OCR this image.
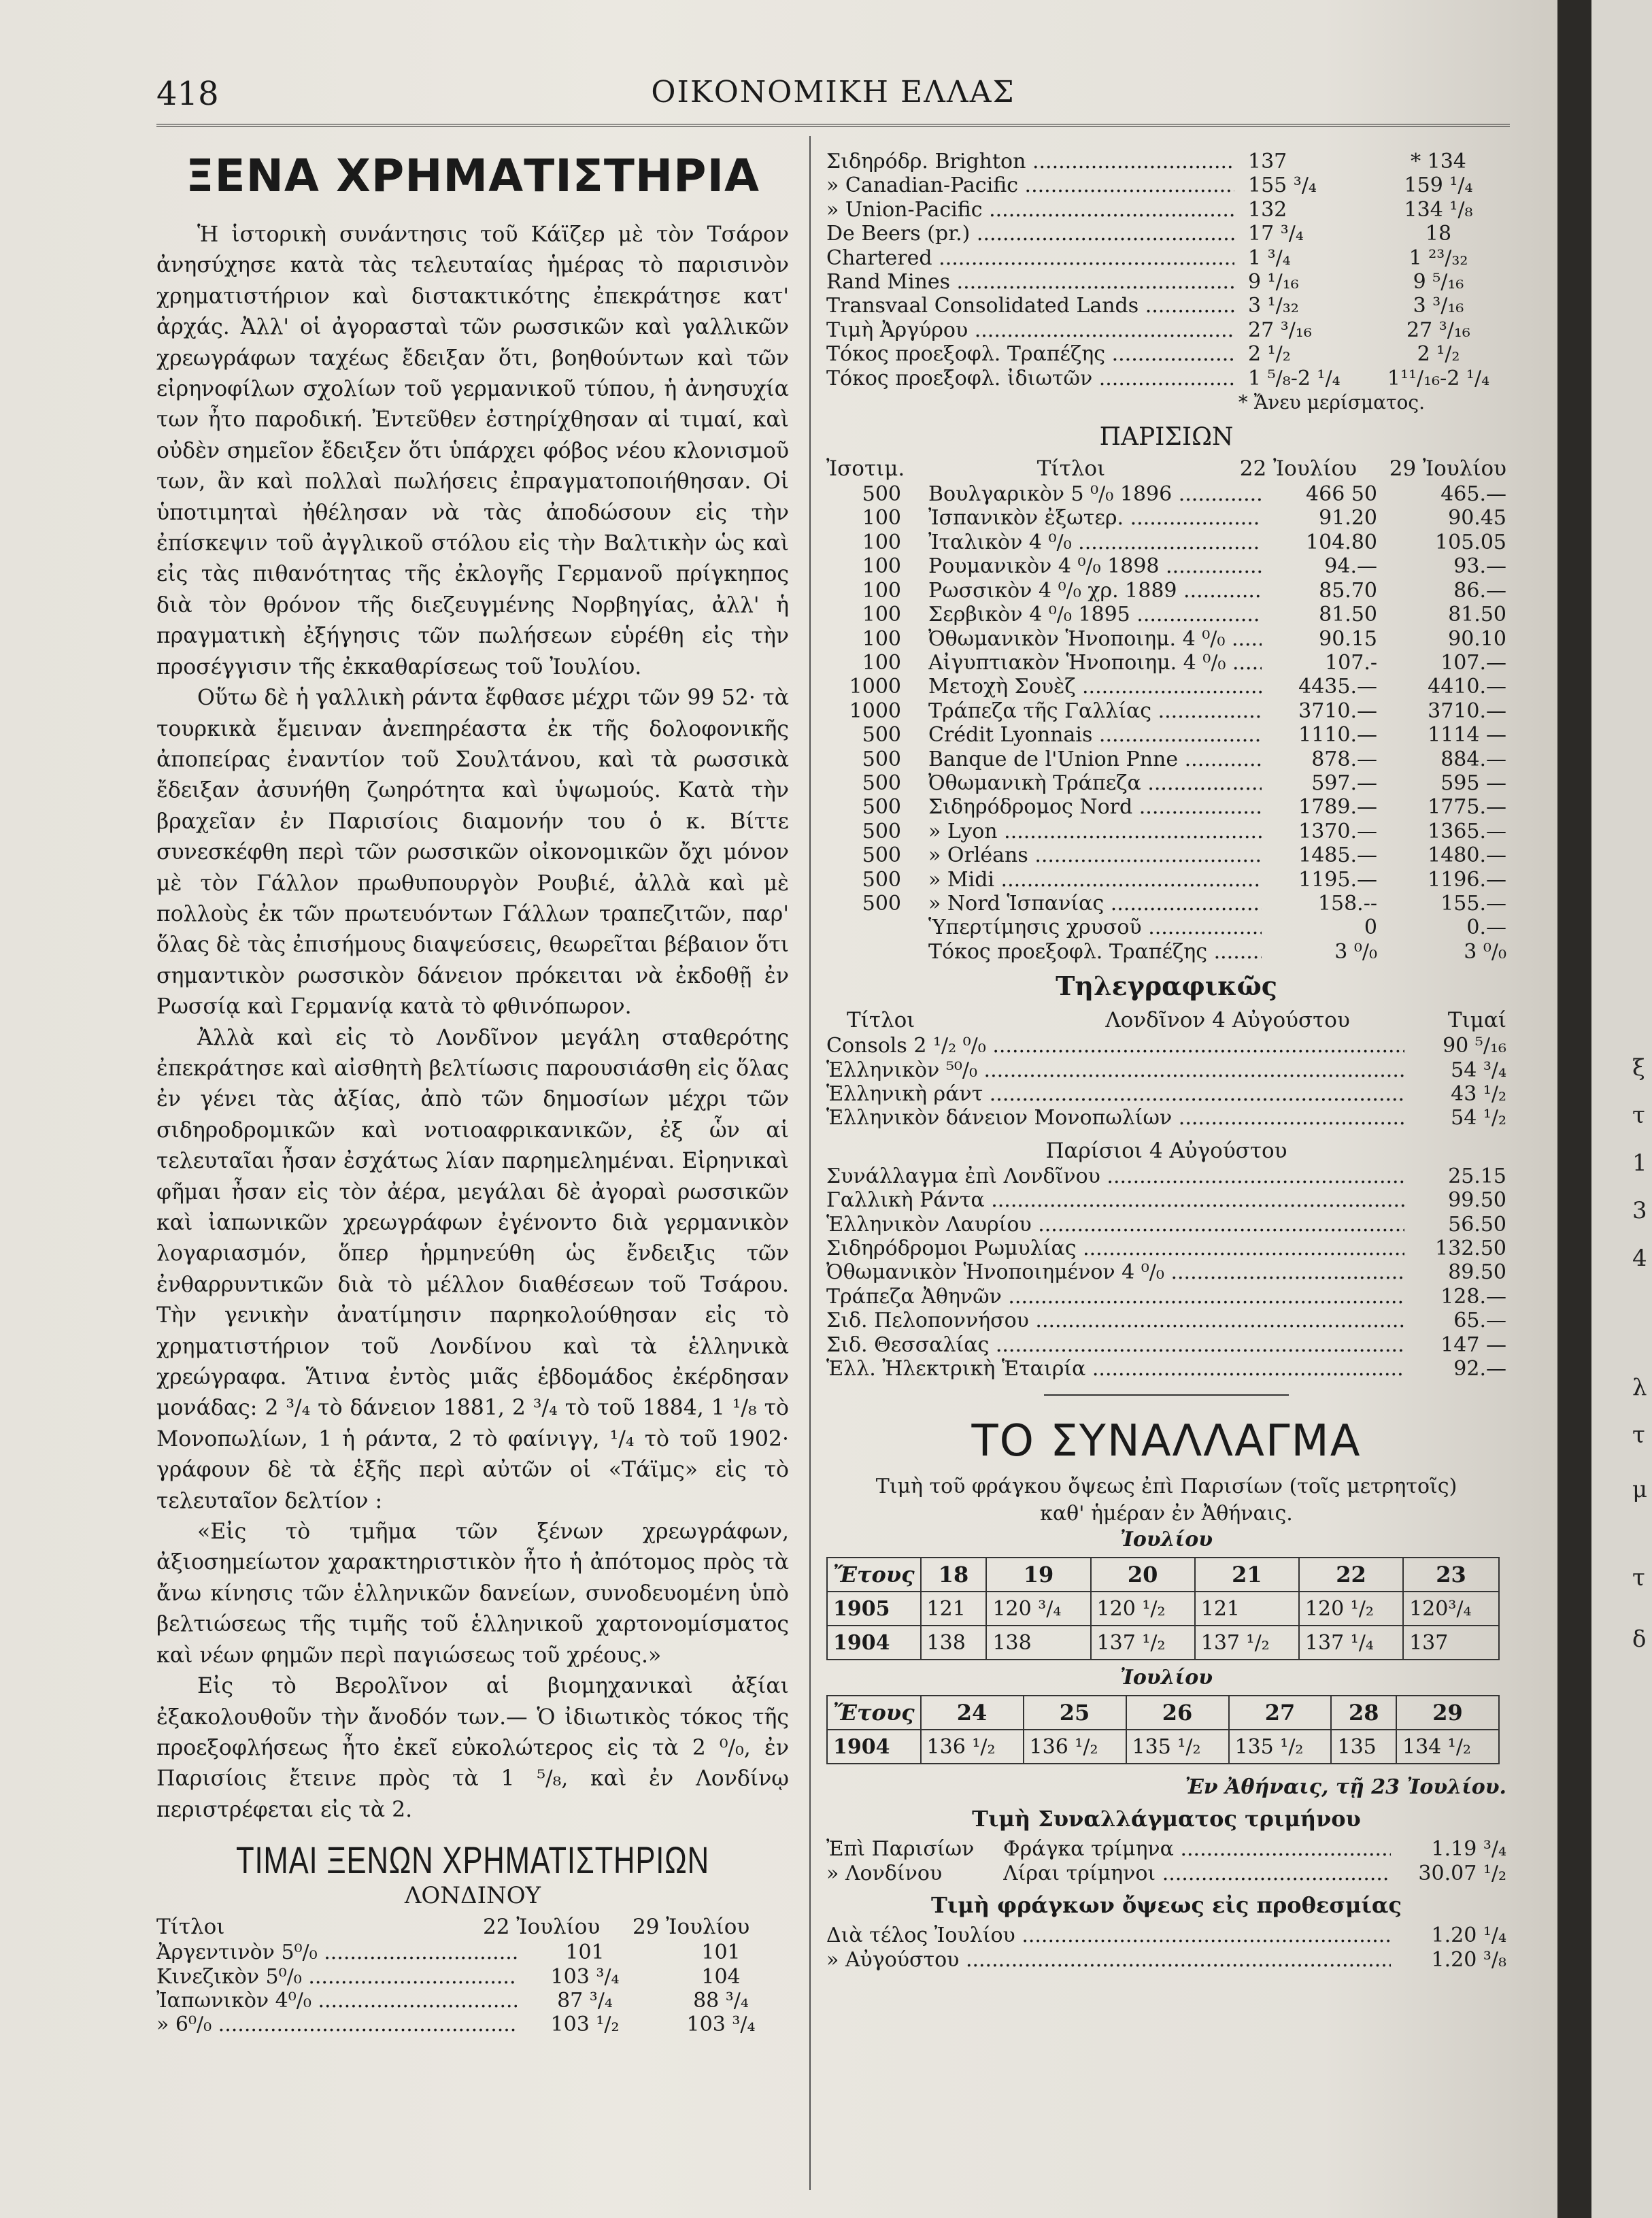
ξ
τ
1
3
4
λ
τ
μ
τ
δ
418	ΟΙΚΟΝΟΜΙΚΗ ΕΛΛΑΣ
ΞΕΝΑ ΧΡΗΜΑΤΙΣΤΗΡΙΑ

Ἡ ἱστορικὴ συνάντησις τοῦ Κάϊζερ μὲ τὸν Τσάρον ἀνησύχησε κατὰ τὰς τελευταίας ἡμέρας τὸ παρισινὸν χρηματιστήριον καὶ διστακτικότης ἐπεκράτησε κατ' ἀρχάς. Ἀλλ' οἱ ἀγορασταὶ τῶν ρωσσικῶν καὶ γαλλικῶν χρεωγράφων ταχέως ἔδειξαν ὅτι, βοηθούντων καὶ τῶν εἰρηνοφίλων σχολίων τοῦ γερμανικοῦ τύπου, ἡ ἀνησυχία των ἦτο παροδική. Ἐντεῦθεν ἐστηρίχθησαν αἱ τιμαί, καὶ οὐδὲν σημεῖον ἔδειξεν ὅτι ὑπάρχει φόβος νέου κλονισμοῦ των, ἂν καὶ πολλαὶ πωλήσεις ἐπραγματοποιήθησαν. Οἱ ὑποτιμηταὶ ἠθέλησαν νὰ τὰς ἀποδώσουν εἰς τὴν ἐπίσκεψιν τοῦ ἀγγλικοῦ στόλου εἰς τὴν Βαλτικὴν ὡς καὶ εἰς τὰς πιθανότητας τῆς ἐκλογῆς Γερμανοῦ πρίγκηπος διὰ τὸν θρόνον τῆς διεζευγμένης Νορβηγίας, ἀλλ' ἡ πραγματικὴ ἐξήγησις τῶν πωλήσεων εὑρέθη εἰς τὴν προσέγγισιν τῆς ἐκκαθαρίσεως τοῦ Ἰουλίου.

Οὕτω δὲ ἡ γαλλικὴ ράντα ἔφθασε μέχρι τῶν 99 52· τὰ τουρκικὰ ἔμειναν ἀνεπηρέαστα ἐκ τῆς δολοφονικῆς ἀποπείρας ἐναντίον τοῦ Σουλτάνου, καὶ τὰ ρωσσικὰ ἔδειξαν ἀσυνήθη ζωηρότητα καὶ ὑψωμούς. Κατὰ τὴν βραχεῖαν ἐν Παρισίοις διαμονήν του ὁ κ. Βίττε συνεσκέφθη περὶ τῶν ρωσσικῶν οἰκονομικῶν ὄχι μόνον μὲ τὸν Γάλλον πρωθυπουργὸν Ρουβιέ, ἀλλὰ καὶ μὲ πολλοὺς ἐκ τῶν πρωτευόντων Γάλλων τραπεζιτῶν, παρ' ὅλας δὲ τὰς ἐπισήμους διαψεύσεις, θεωρεῖται βέβαιον ὅτι σημαντικὸν ρωσσικὸν δάνειον πρόκειται νὰ ἐκδοθῇ ἐν Ρωσσίᾳ καὶ Γερμανίᾳ κατὰ τὸ φθινόπωρον.

Ἀλλὰ καὶ εἰς τὸ Λονδῖνον μεγάλη σταθερότης ἐπεκράτησε καὶ αἰσθητὴ βελτίωσις παρουσιάσθη εἰς ὅλας ἐν γένει τὰς ἀξίας, ἀπὸ τῶν δημοσίων μέχρι τῶν σιδηροδρομικῶν καὶ νοτιοαφρικανικῶν, ἐξ ὧν αἱ τελευταῖαι ἦσαν ἐσχάτως λίαν παρημελημέναι. Εἰρηνικαὶ φῆμαι ἦσαν εἰς τὸν ἀέρα, μεγάλαι δὲ ἀγοραὶ ρωσσικῶν καὶ ἰαπωνικῶν χρεωγράφων ἐγένοντο διὰ γερμανικὸν λογαριασμόν, ὅπερ ἡρμηνεύθη ὡς ἔνδειξις τῶν ἐνθαρρυντικῶν διὰ τὸ μέλλον διαθέσεων τοῦ Τσάρου. Τὴν γενικὴν ἀνατίμησιν παρηκολούθησαν εἰς τὸ χρηματιστήριον τοῦ Λονδίνου καὶ τὰ ἑλληνικὰ χρεώγραφα. Ἅτινα ἐντὸς μιᾶς ἑβδομάδος ἐκέρδησαν μονάδας: 2 ³/₄ τὸ δάνειον 1881, 2 ³/₄ τὸ τοῦ 1884, 1 ¹/₈ τὸ Μονοπωλίων, 1 ἡ ράντα, 2 τὸ φαίνιγγ, ¹/₄ τὸ τοῦ 1902· γράφουν δὲ τὰ ἑξῆς περὶ αὐτῶν οἱ «Τάϊμς» εἰς τὸ τελευταῖον δελτίον :

«Εἰς τὸ τμῆμα τῶν ξένων χρεωγράφων, ἀξιοσημείωτον χαρακτηριστικὸν ἦτο ἡ ἀπότομος πρὸς τὰ ἄνω κίνησις τῶν ἑλληνικῶν δανείων, συνοδευομένη ὑπὸ βελτιώσεως τῆς τιμῆς τοῦ ἑλληνικοῦ χαρτονομίσματος καὶ νέων φημῶν περὶ παγιώσεως τοῦ χρέους.»

Εἰς τὸ Βερολῖνον αἱ βιομηχανικαὶ ἀξίαι ἐξακολουθοῦν τὴν ἄνοδόν των.— Ὁ ἰδιωτικὸς τόκος τῆς προεξοφλήσεως ἦτο ἐκεῖ εὐκολώτερος εἰς τὰ 2 ⁰/₀, ἐν Παρισίοις ἔτεινε πρὸς τὰ 1 ⁵/₈, καὶ ἐν Λονδίνῳ περιστρέφεται εἰς τὰ 2.

ΤΙΜΑΙ ΞΕΝΩΝ ΧΡΗΜΑΤΙΣΤΗΡΙΩΝ
ΛΟΝΔΙΝΟΥ
Τίτλοι	22 Ἰουλίου	29 Ἰουλίου
Ἀργεντινὸν 5⁰/₀ .....	101	101
Κινεζικὸν 5⁰/₀ .....	103 ³/₄	104
Ἰαπωνικὸν 4⁰/₀ .....	87 ³/₄	88 ³/₄
» 6⁰/₀ .....	103 ¹/₂	103 ³/₄
Σιδηρόδρ. Brighton .....	137	* 134
» Canadian-Pacific .....	155 ³/₄	159 ¹/₄
» Union-Pacific .....	132	134 ¹/₈
De Beers (pr.) .....	17 ³/₄	18
Chartered .....	1 ³/₄	1 ²³/₃₂
Rand Mines .....	9 ¹/₁₆	9 ⁵/₁₆
Transvaal Consolidated Lands .....	3 ¹/₃₂	3 ³/₁₆
Τιμὴ Ἀργύρου .....	27 ³/₁₆	27 ³/₁₆
Τόκος προεξοφλ. Τραπέζης .....	2 ¹/₂	2 ¹/₂
Τόκος προεξοφλ. ἰδιωτῶν .....	1 ⁵/₈-2 ¹/₄	1¹¹/₁₆-2 ¹/₄
* Ἄνευ μερίσματος.
ΠΑΡΙΣΙΩΝ
Ἰσοτιμ.	Τίτλοι	22 Ἰουλίου	29 Ἰουλίου
500	Βουλγαρικὸν 5 ⁰/₀ 1896 .....	466 50	465.—
100	Ἰσπανικὸν ἐξωτερ. .....	91.20	90.45
100	Ἰταλικὸν 4 ⁰/₀ .....	104.80	105.05
100	Ρουμανικὸν 4 ⁰/₀ 1898 .....	94.—	93.—
100	Ρωσσικὸν 4 ⁰/₀ χρ. 1889 .....	85.70	86.—
100	Σερβικὸν 4 ⁰/₀ 1895 .....	81.50	81.50
100	Ὀθωμανικὸν Ἡνοποιημ. 4 ⁰/₀ .....	90.15	90.10
100	Αἰγυπτιακὸν Ἡνοποιημ. 4 ⁰/₀ .....	107.-	107.—
1000	Μετοχὴ Σουὲζ .....	4435.—	4410.—
1000	Τράπεζα τῆς Γαλλίας .....	3710.—	3710.—
500	Crédit Lyonnais .....	1110.—	1114 —
500	Banque de l'Union Pnne .....	878.—	884.—
500	Ὀθωμανικὴ Τράπεζα .....	597.—	595 —
500	Σιδηρόδρομος Nord .....	1789.—	1775.—
500	» Lyon .....	1370.—	1365.—
500	» Orléans .....	1485.—	1480.—
500	» Midi .....	1195.—	1196.—
500	» Nord Ἱσπανίας .....	158.--	155.—
Ὑπερτίμησις χρυσοῦ .....	0	0.—
Τόκος προεξοφλ. Τραπέζης .....	3 ⁰/₀	3 ⁰/₀
Τηλεγραφικῶς
Τίτλοι	Λονδῖνον 4 Αὐγούστου	Τιμαί
Consols 2 ¹/₂ ⁰/₀ .....	90 ⁵/₁₆
Ἑλληνικὸν ⁵⁰/₀ .....	54 ³/₄
Ἑλληνικὴ ράντ .....	43 ¹/₂
Ἑλληνικὸν δάνειον Μονοπωλίων .....	54 ¹/₂
Παρίσιοι 4 Αὐγούστου
Συνάλλαγμα ἐπὶ Λονδῖνου .....	25.15
Γαλλικὴ Ράντα .....	99.50
Ἑλληνικὸν Λαυρίου .....	56.50
Σιδηρόδρομοι Ρωμυλίας .....	132.50
Ὀθωμανικὸν Ἡνοποιημένον 4 ⁰/₀ .....	89.50
Τράπεζα Ἀθηνῶν .....	128.—
Σιδ. Πελοποννήσου .....	65.—
Σιδ. Θεσσαλίας .....	147 —
Ἑλλ. Ἠλεκτρικὴ Ἑταιρία .....	92.—
ΤΟ ΣΥΝΑΛΛΑΓΜΑ
Τιμὴ τοῦ φράγκου ὄψεως ἐπὶ Παρισίων (τοῖς μετρητοῖς)
καθ' ἡμέραν ἐν Ἀθήναις.
Ἰουλίου
Ἔτους	18	19	20	21	22	23
1905	121	120 ³/₄	120 ¹/₂	121	120 ¹/₂	120³/₄
1904	138	138	137 ¹/₂	137 ¹/₂	137 ¹/₄	137
Ἰουλίου
Ἔτους	24	25	26	27	28	29
1904	136 ¹/₂	136 ¹/₂	135 ¹/₂	135 ¹/₂	135	134 ¹/₂
Ἐν Ἀθήναις, τῇ 23 Ἰουλίου.
Τιμὴ Συναλλάγματος τριμήνου
Ἐπὶ Παρισίων	Φράγκα τρίμηνα .....	1.19 ³/₄
» Λονδίνου	Λίραι τρίμηνοι .....	30.07 ¹/₂
Τιμὴ φράγκων ὄψεως εἰς προθεσμίας
Διὰ τέλος Ἰουλίου .....	1.20 ¹/₄
» Αὐγούστου .....	1.20 ³/₈
